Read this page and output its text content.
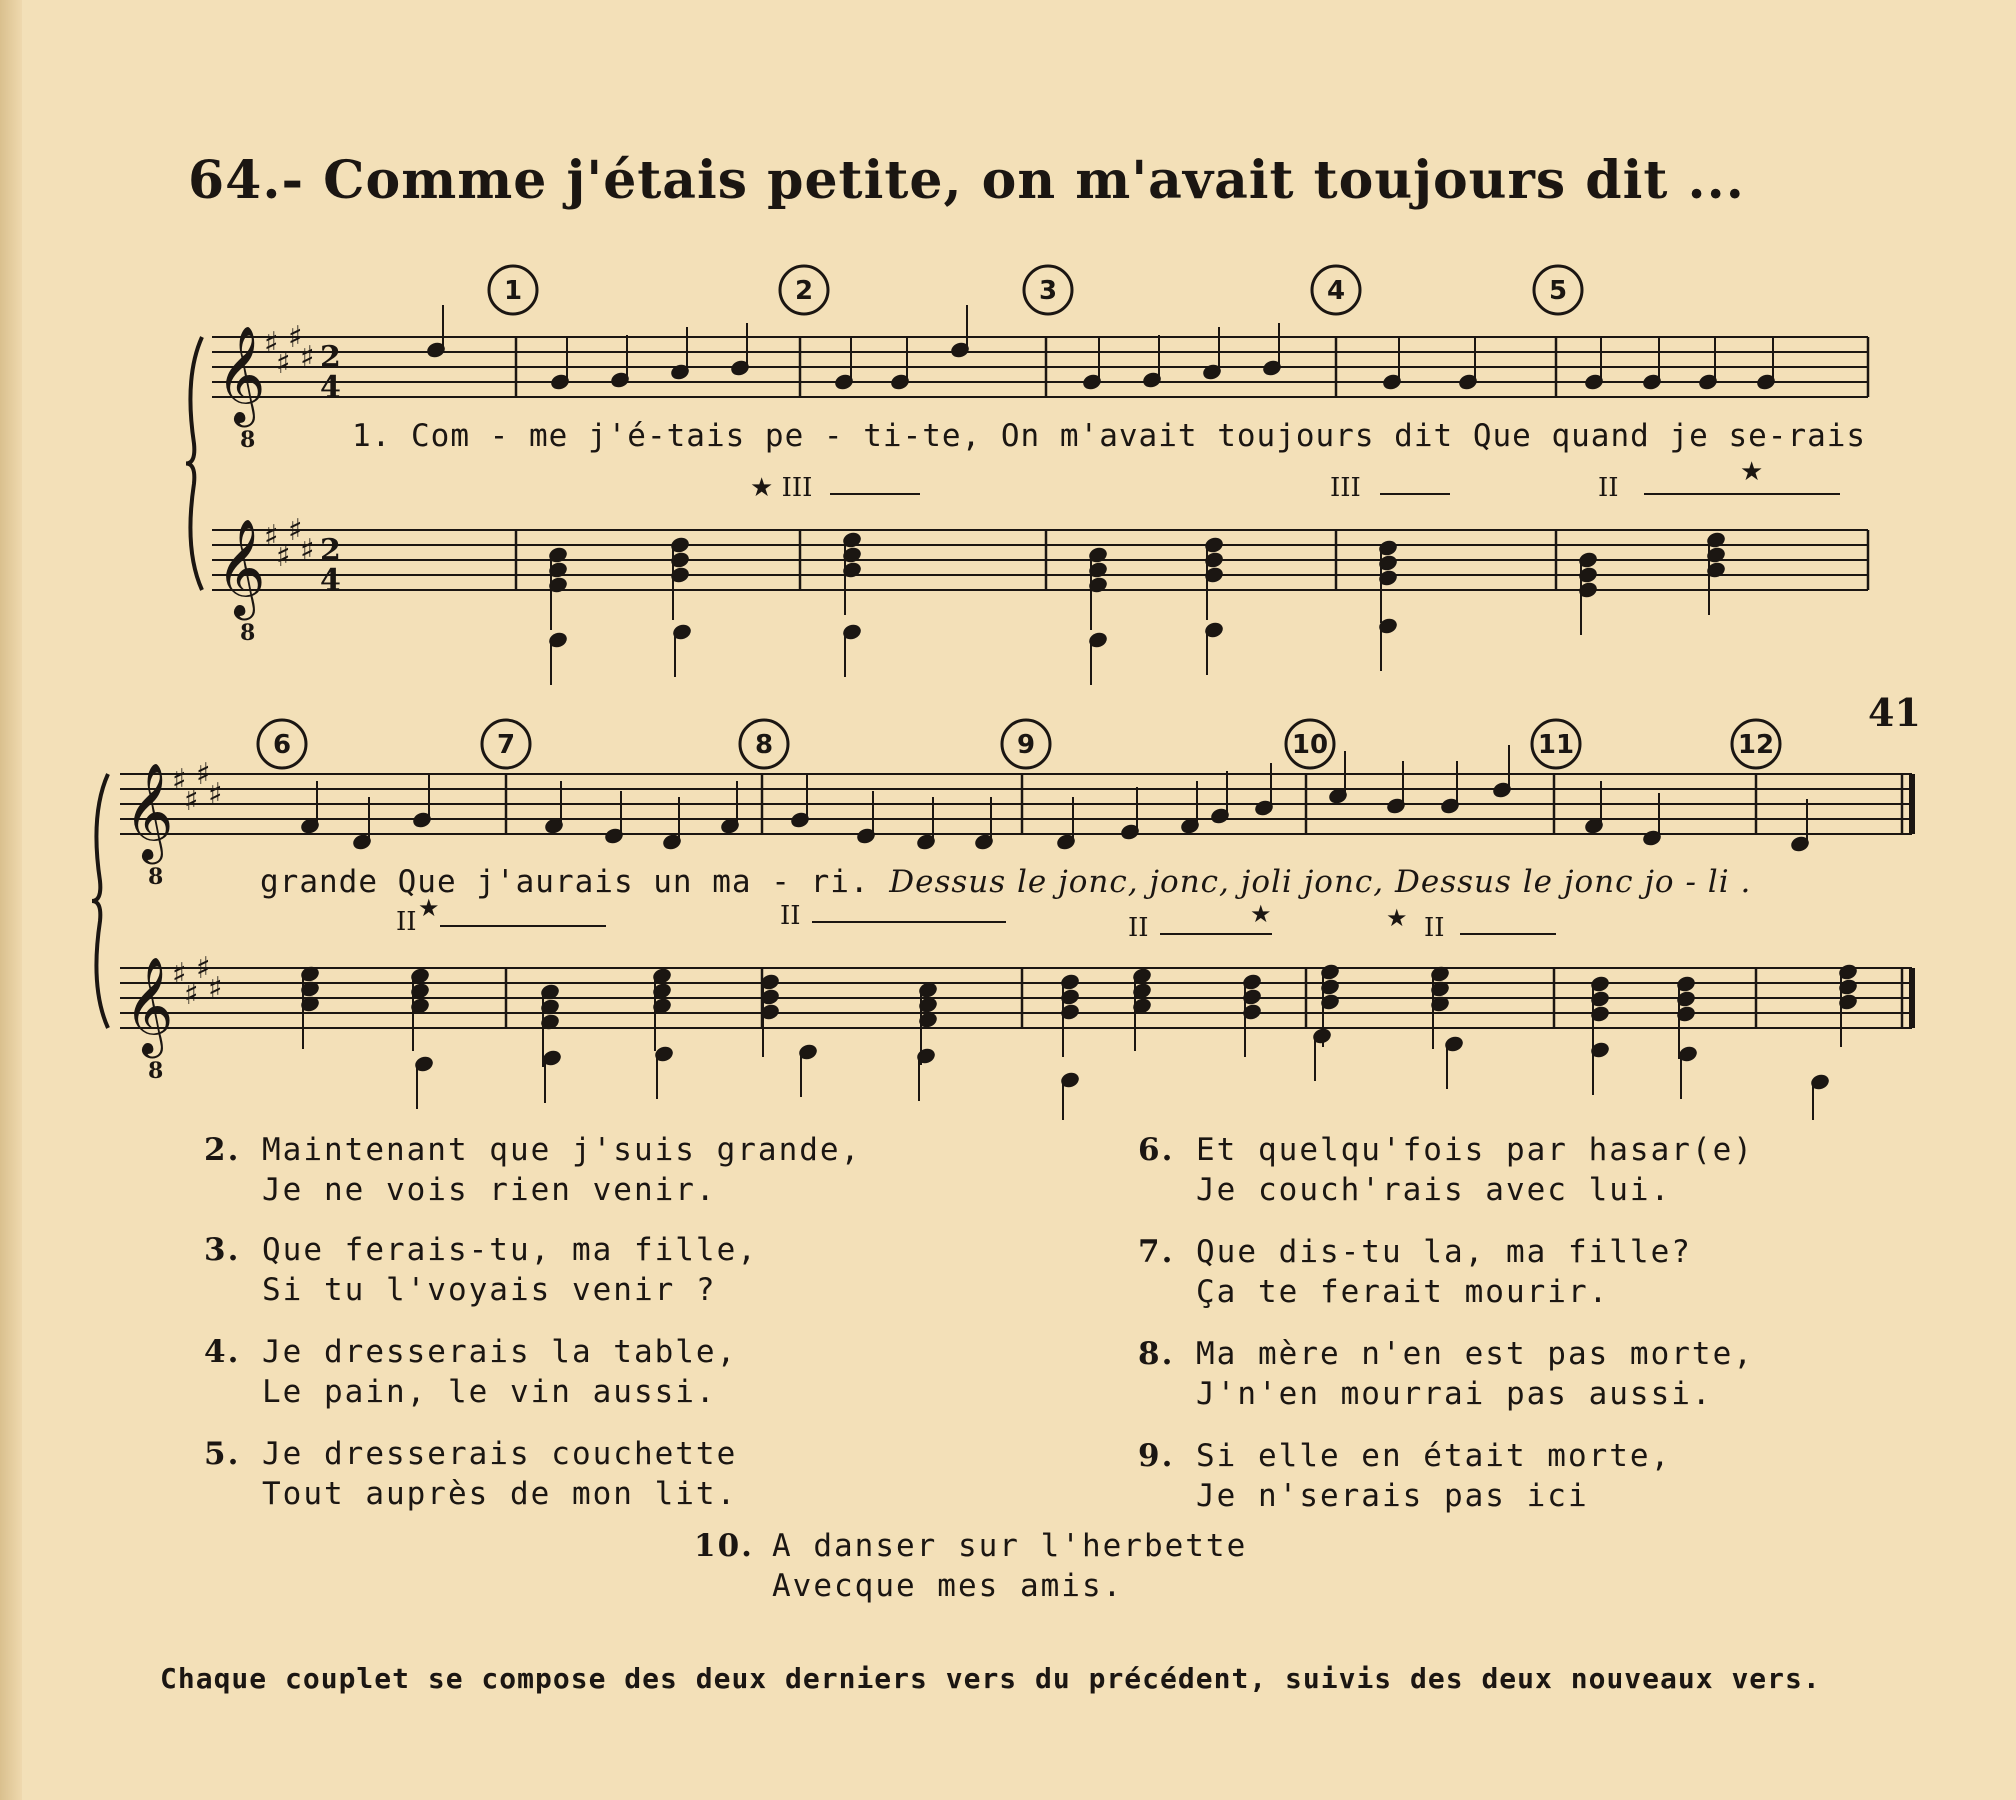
64.- Comme j'étais petite, on m'avait toujours dit ...
41
𝄞
♯
♯
♯
♯ 2
4
8
𝄞
♯
♯
♯
♯ 2
4
8
1	2	3	4	5
★ III	III	II
★
𝄞
♯
♯
♯
♯
8
𝄞
♯
♯
♯
♯
8
6	7	8	9	10	11	12
II ★	II	II	★	★ II
1. Com - me j'é-tais pe - ti-te, On m'avait toujours dit Que quand je se-rais
grande Que j'aurais un ma - ri. Dessus le jonc, jonc, joli jonc, Dessus le jonc jo - li .
2. Maintenant que j'suis grande,
Je ne vois rien venir.
3. Que ferais-tu, ma fille,
Si tu l'voyais venir ?
4. Je dresserais la table,
Le pain, le vin aussi.
5. Je dresserais couchette
Tout auprès de mon lit.
6. Et quelqu'fois par hasar(e)
Je couch'rais avec lui.
7. Que dis-tu la, ma fille?
Ça te ferait mourir.
8. Ma mère n'en est pas morte,
J'n'en mourrai pas aussi.
9. Si elle en était morte,
Je n'serais pas ici
10. A danser sur l'herbette
Avecque mes amis.
Chaque couplet se compose des deux derniers vers du précédent, suivis des deux nouveaux vers.
